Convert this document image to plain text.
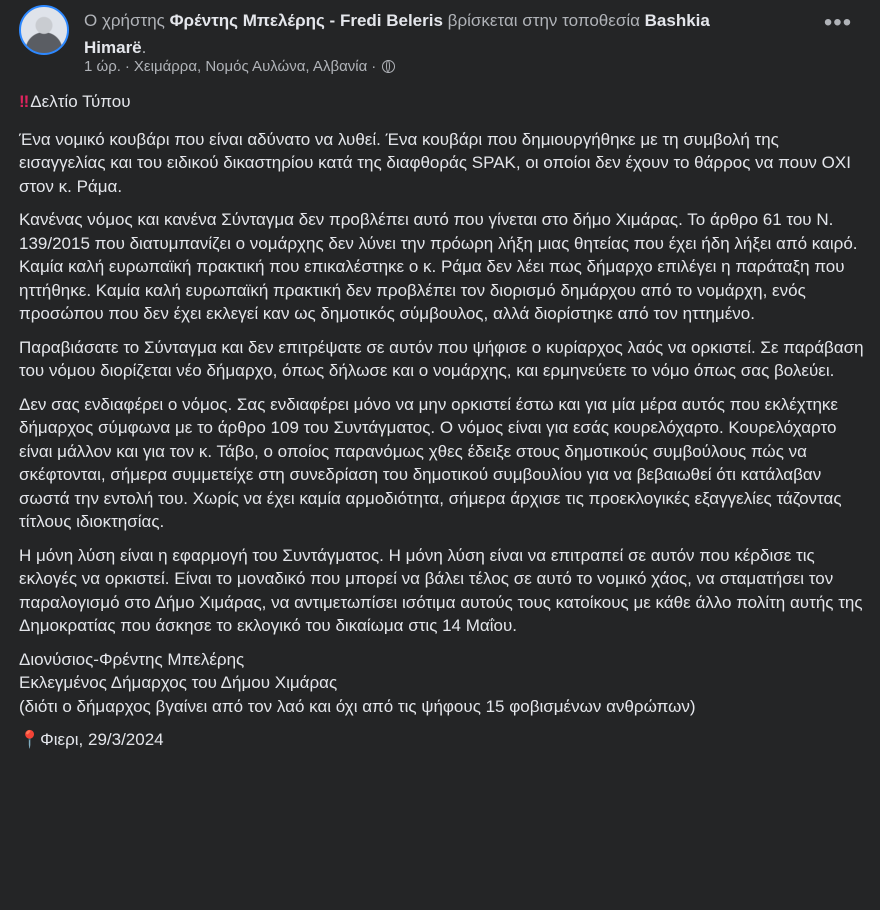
Ο χρήστης Φρέντης Μπελέρης - Fredi Beleris βρίσκεται στην τοποθεσία Bashkia
Himarë.
1 ώρ. · Χειμάρρα, Νομός Αυλώνα, Αλβανία ·
•••

‼ Δελτίο Τύπου

Ένα νομικό κουβάρι που είναι αδύνατο να λυθεί. Ένα κουβάρι που δημιουργήθηκε με τη συμβολή της εισαγγελίας και του ειδικού δικαστηρίου κατά της διαφθοράς SPAK, οι οποίοι δεν έχουν το θάρρος να πουν ΟΧΙ στον κ. Ράμα.

Κανένας νόμος και κανένα Σύνταγμα δεν προβλέπει αυτό που γίνεται στο δήμο Χιμάρας. Το άρθρο 61 του Ν. 139/2015 που διατυμπανίζει ο νομάρχης δεν λύνει την πρόωρη λήξη μιας θητείας που έχει ήδη λήξει από καιρό. Καμία καλή ευρωπαϊκή πρακτική που επικαλέστηκε ο κ. Ράμα δεν λέει πως δήμαρχο επιλέγει η παράταξη που ηττήθηκε. Καμία καλή ευρωπαϊκή πρακτική δεν προβλέπει τον διορισμό δημάρχου από το νομάρχη, ενός προσώπου που δεν έχει εκλεγεί καν ως δημοτικός σύμβουλος, αλλά διορίστηκε από τον ηττημένο.

Παραβιάσατε το Σύνταγμα και δεν επιτρέψατε σε αυτόν που ψήφισε ο κυρίαρχος λαός να ορκιστεί. Σε παράβαση του νόμου διορίζεται νέο δήμαρχο, όπως δήλωσε και ο νομάρχης, και ερμηνεύετε το νόμο όπως σας βολεύει.

Δεν σας ενδιαφέρει ο νόμος. Σας ενδιαφέρει μόνο να μην ορκιστεί έστω και για μία μέρα αυτός που εκλέχτηκε δήμαρχος σύμφωνα με το άρθρο 109 του Συντάγματος. Ο νόμος είναι για εσάς κουρελόχαρτο. Κουρελόχαρτο είναι μάλλον και για τον κ. Τάβο, ο οποίος παρανόμως χθες έδειξε στους δημοτικούς συμβούλους πώς να σκέφτονται, σήμερα συμμετείχε στη συνεδρίαση του δημοτικού συμβουλίου για να βεβαιωθεί ότι κατάλαβαν σωστά την εντολή του. Χωρίς να έχει καμία αρμοδιότητα, σήμερα άρχισε τις προεκλογικές εξαγγελίες τάζοντας τίτλους ιδιοκτησίας.

Η μόνη λύση είναι η εφαρμογή του Συντάγματος. Η μόνη λύση είναι να επιτραπεί σε αυτόν που κέρδισε τις εκλογές να ορκιστεί. Είναι το μοναδικό που μπορεί να βάλει τέλος σε αυτό το νομικό χάος, να σταματήσει τον παραλογισμό στο Δήμο Χιμάρας, να αντιμετωπίσει ισότιμα αυτούς τους κατοίκους με κάθε άλλο πολίτη αυτής της Δημοκρατίας που άσκησε το εκλογικό του δικαίωμα στις 14 Μαΐου.

Διονύσιος-Φρέντης Μπελέρης

Εκλεγμένος Δήμαρχος του Δήμου Χιμάρας

(διότι ο δήμαρχος βγαίνει από τον λαό και όχι από τις ψήφους 15 φοβισμένων ανθρώπων)

📍Φιερι, 29/3/2024
